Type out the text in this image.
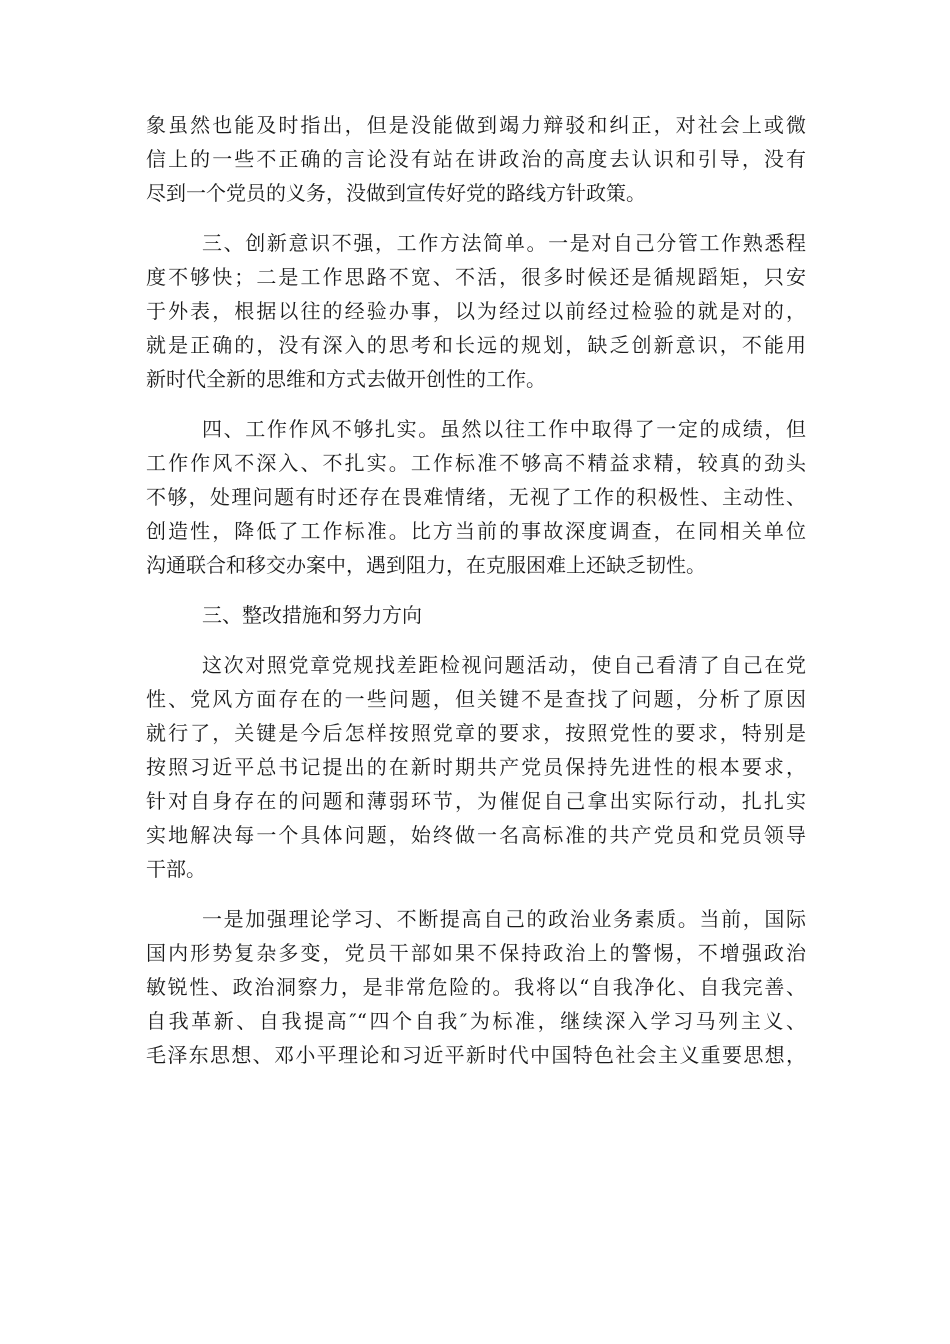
象虽然也能及时指出，但是没能做到竭力辩驳和纠正，对社会上或微
信上的一些不正确的言论没有站在讲政治的高度去认识和引导，没有
尽到一个党员的义务，没做到宣传好党的路线方针政策。
三、创新意识不强，工作方法简单。一是对自己分管工作熟悉程
度不够快；二是工作思路不宽、不活，很多时候还是循规蹈矩，只安
于外表，根据以往的经验办事，以为经过以前经过检验的就是对的，
就是正确的，没有深入的思考和长远的规划，缺乏创新意识，不能用
新时代全新的思维和方式去做开创性的工作。
四、工作作风不够扎实。虽然以往工作中取得了一定的成绩，但
工作作风不深入、不扎实。工作标准不够高不精益求精，较真的劲头
不够，处理问题有时还存在畏难情绪，无视了工作的积极性、主动性、
创造性，降低了工作标准。比方当前的事故深度调查，在同相关单位
沟通联合和移交办案中，遇到阻力，在克服困难上还缺乏韧性。
三、整改措施和努力方向
这次对照党章党规找差距检视问题活动，使自己看清了自己在党
性、党风方面存在的一些问题，但关键不是查找了问题，分析了原因
就行了，关键是今后怎样按照党章的要求，按照党性的要求，特别是
按照习近平总书记提出的在新时期共产党员保持先进性的根本要求，
针对自身存在的问题和薄弱环节，为催促自己拿出实际行动，扎扎实
实地解决每一个具体问题，始终做一名高标准的共产党员和党员领导
干部。
一是加强理论学习、不断提高自己的政治业务素质。当前，国际
国内形势复杂多变，党员干部如果不保持政治上的警惕，不增强政治
敏锐性、政治洞察力，是非常危险的。我将以“自我净化、自我完善、
自我革新、自我提高″“四个自我″为标准，继续深入学习马列主义、
毛泽东思想、邓小平理论和习近平新时代中国特色社会主义重要思想，
